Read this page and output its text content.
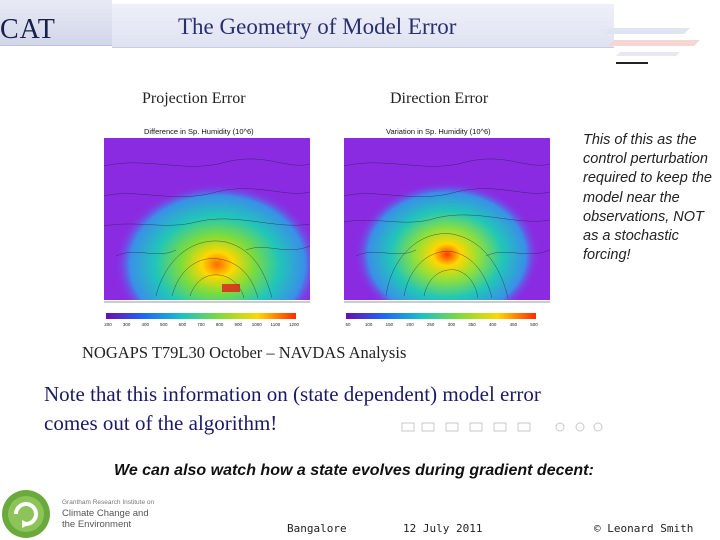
CAT	The Geometry of Model Error
Projection Error	Direction Error
Difference in Sp. Humidity (10^6)
200 300 400 500 600 700 800 900 1000 1100 1200
Variation in Sp. Humidity (10^6)
50	100	150	200	250	300	350	400	450	500
This of this as the control perturbation required to keep the model near the observations, NOT as a stochastic forcing!
NOGAPS T79L30 October – NAVDAS Analysis
Note that this information on (state dependent) model error comes out of the algorithm!
We can also watch how a state evolves during gradient decent:
Grantham Research Institute on
Climate Change and
the Environment	Bangalore	12 July 2011	© Leonard Smith
